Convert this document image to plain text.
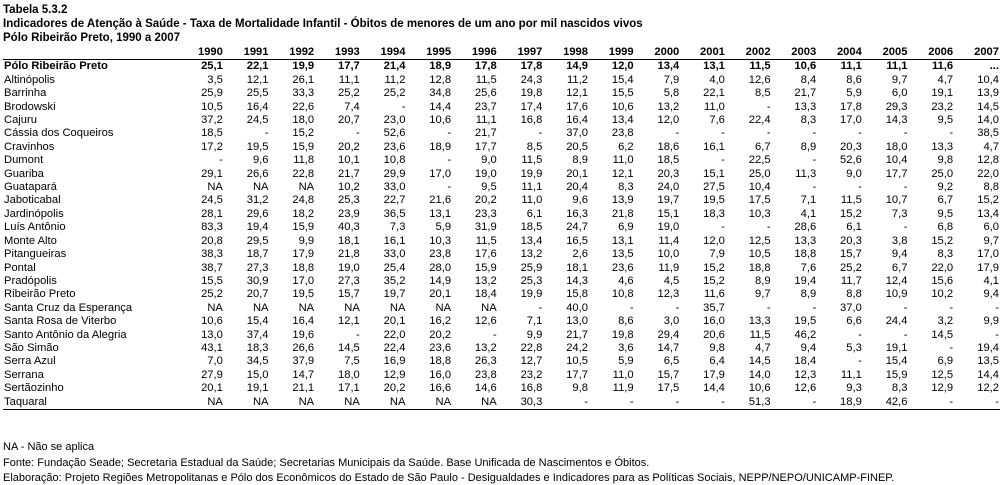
Tabela 5.3.2
Indicadores de Atenção à Saúde - Taxa de Mortalidade Infantil - Óbitos de menores de um ano por mil nascidos vivos
Pólo Ribeirão Preto, 1990 a 2007
	1990	1991	1992	1993	1994	1995	1996	1997	1998	1999	2000	2001	2002	2003	2004	2005	2006	2007
Pólo Ribeirão Preto	25,1	22,1	19,9	17,7	21,4	18,9	17,8	17,8	14,9	12,0	13,4	13,1	11,5	10,6	11,1	11,1	11,6	...
Altinópolis	3,5	12,1	26,1	11,1	11,2	12,8	11,5	24,3	11,2	15,4	7,9	4,0	12,6	8,4	8,6	9,7	4,7	10,4
Barrinha	25,9	25,5	33,3	25,2	25,2	34,8	25,6	19,8	12,1	15,5	5,8	22,1	8,5	21,7	5,9	6,0	19,1	13,9
Brodowski	10,5	16,4	22,6	7,4	-	14,4	23,7	17,4	17,6	10,6	13,2	11,0	-	13,3	17,8	29,3	23,2	14,5
Cajuru	37,2	24,5	18,0	20,7	23,0	10,6	11,1	16,8	16,4	13,4	12,0	7,6	22,4	8,3	17,0	14,3	9,5	14,0
Cássia dos Coqueiros	18,5	-	15,2	-	52,6	-	21,7	-	37,0	23,8	-	-	-	-	-	-	-	38,5
Cravinhos	17,2	19,5	15,9	20,2	23,6	18,9	17,7	8,5	20,5	6,2	18,6	16,1	6,7	8,9	20,3	18,0	13,3	4,7
Dumont	-	9,6	11,8	10,1	10,8	-	9,0	11,5	8,9	11,0	18,5	-	22,5	-	52,6	10,4	9,8	12,8
Guariba	29,1	26,6	22,8	21,7	29,9	17,0	19,0	19,9	20,1	12,1	20,3	15,1	25,0	11,3	9,0	17,7	25,0	22,0
Guatapará	NA	NA	NA	10,2	33,0	-	9,5	11,1	20,4	8,3	24,0	27,5	10,4	-	-	-	9,2	8,8
Jaboticabal	24,5	31,2	24,8	25,3	22,7	21,6	20,2	11,0	9,6	13,9	19,7	19,5	17,5	7,1	11,5	10,7	6,7	15,2
Jardinópolis	28,1	29,6	18,2	23,9	36,5	13,1	23,3	6,1	16,3	21,8	15,1	18,3	10,3	4,1	15,2	7,3	9,5	13,4
Luís Antônio	83,3	19,4	15,9	40,3	7,3	5,9	31,9	18,5	24,7	6,9	19,0	-	-	28,6	6,1	-	6,8	6,0
Monte Alto	20,8	29,5	9,9	18,1	16,1	10,3	11,5	13,4	16,5	13,1	11,4	12,0	12,5	13,3	20,3	3,8	15,2	9,7
Pitangueiras	38,3	18,7	17,9	21,8	33,0	23,8	17,6	13,2	2,6	13,5	10,0	7,9	10,5	18,8	15,7	9,4	8,3	17,0
Pontal	38,7	27,3	18,8	19,0	25,4	28,0	15,9	25,9	18,1	23,6	11,9	15,2	18,8	7,6	25,2	6,7	22,0	17,9
Pradópolis	15,5	30,9	17,0	27,3	35,2	14,9	13,2	25,3	14,3	4,6	4,5	15,2	8,9	19,4	11,7	12,4	15,6	4,1
Ribeirão Preto	25,2	20,7	19,5	15,7	19,7	20,1	18,4	19,9	15,8	10,8	12,3	11,6	9,7	8,9	8,8	10,9	10,2	9,4
Santa Cruz da Esperança	NA	NA	NA	NA	NA	NA	NA	-	40,0	-	-	35,7	-	-	37,0	-	-	-
Santa Rosa de Viterbo	10,6	15,4	16,4	12,1	20,1	16,2	12,6	7,1	13,0	8,6	3,0	16,0	13,3	19,5	6,6	24,4	3,2	9,9
Santo Antônio da Alegria	13,0	37,4	19,6	-	22,0	20,2	-	9,9	21,7	19,8	29,4	20,6	11,5	46,2	-	-	14,5	-
São Simão	43,1	18,3	26,6	14,5	22,4	23,6	13,2	22,8	24,2	3,6	14,7	9,8	4,7	9,4	5,3	19,1	-	19,4
Serra Azul	7,0	34,5	37,9	7,5	16,9	18,8	26,3	12,7	10,5	5,9	6,5	6,4	14,5	18,4	-	15,4	6,9	13,5
Serrana	27,9	15,0	14,7	18,0	12,9	16,0	23,8	23,2	17,7	11,0	15,7	17,9	14,0	12,3	11,1	15,9	12,5	14,4
Sertãozinho	20,1	19,1	21,1	17,1	20,2	16,6	14,6	16,8	9,8	11,9	17,5	14,4	10,6	12,6	9,3	8,3	12,9	12,2
Taquaral	NA	NA	NA	NA	NA	NA	NA	30,3	-	-	-	-	51,3	-	18,9	42,6	-	-
NA - Não se aplica
Fonte: Fundação Seade; Secretaria Estadual da Saúde; Secretarias Municipais da Saúde. Base Unificada de Nascimentos e Óbitos.
Elaboração: Projeto Regiões Metropolitanas e Pólo dos Econômicos do Estado de São Paulo - Desigualdades e Indicadores para as Políticas Sociais, NEPP/NEPO/UNICAMP-FINEP.
